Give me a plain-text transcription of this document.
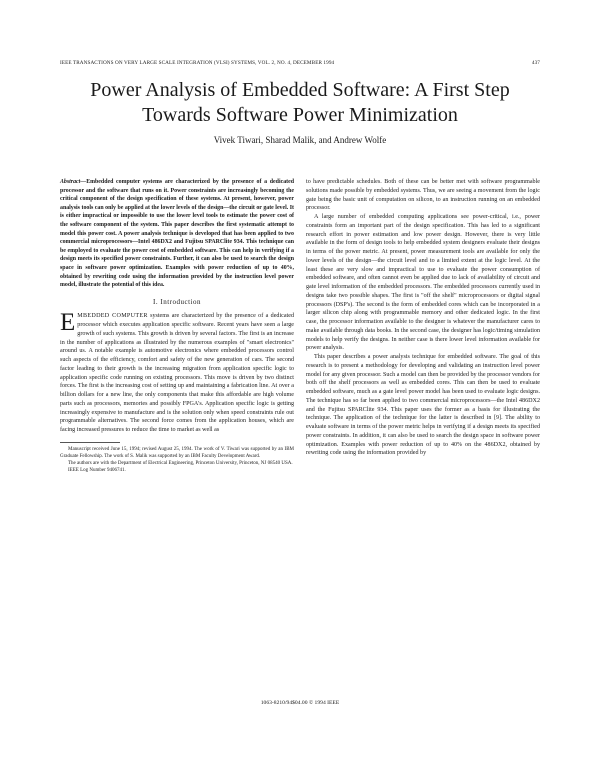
IEEE TRANSACTIONS ON VERY LARGE SCALE INTEGRATION (VLSI) SYSTEMS, VOL. 2, NO. 4, DECEMBER 1994	437
Power Analysis of Embedded Software: A First Step Towards Software Power Minimization
Vivek Tiwari, Sharad Malik, and Andrew Wolfe

Abstract—Embedded computer systems are characterized by the presence of a dedicated processor and the software that runs on it. Power constraints are increasingly becoming the critical component of the design specification of these systems. At present, however, power analysis tools can only be applied at the lower levels of the design—the circuit or gate level. It is either impractical or impossible to use the lower level tools to estimate the power cost of the software component of the system. This paper describes the first systematic attempt to model this power cost. A power analysis technique is developed that has been applied to two commercial microprocessors—Intel 486DX2 and Fujitsu SPARClite 934. This technique can be employed to evaluate the power cost of embedded software. This can help in verifying if a design meets its specified power constraints. Further, it can also be used to search the design space in software power optimization. Examples with power reduction of up to 40%, obtained by rewriting code using the information provided by the instruction level power model, illustrate the potential of this idea.

I. Introduction

EMBEDDED COMPUTER systems are characterized by the presence of a dedicated processor which executes application specific software. Recent years have seen a large growth of such systems. This growth is driven by several factors. The first is an increase in the number of applications as illustrated by the numerous examples of "smart electronics" around us. A notable example is automotive electronics where embedded processors control such aspects of the efficiency, comfort and safety of the new generation of cars. The second factor leading to their growth is the increasing migration from application specific logic to application specific code running on existing processors. This move is driven by two distinct forces. The first is the increasing cost of setting up and maintaining a fabrication line. At over a billion dollars for a new line, the only components that make this affordable are high volume parts such as processors, memories and possibly FPGA's. Application specific logic is getting increasingly expensive to manufacture and is the solution only when speed constraints rule out programmable alternatives. The second force comes from the application houses, which are facing increased pressures to reduce the time to market as well as

Manuscript received June 15, 1994; revised August 25, 1994. The work of V. Tiwari was supported by an IBM Graduate Fellowship. The work of S. Malik was supported by an IBM Faculty Development Award.

The authors are with the Department of Electrical Engineering, Princeton University, Princeton, NJ 08540 USA.

IEEE Log Number 9406741.

to have predictable schedules. Both of these can be better met with software programmable solutions made possible by embedded systems. Thus, we are seeing a movement from the logic gate being the basic unit of computation on silicon, to an instruction running on an embedded processor.

A large number of embedded computing applications see power-critical, i.e., power constraints form an important part of the design specification. This has led to a significant research effort in power estimation and low power design. However, there is very little available in the form of design tools to help embedded system designers evaluate their designs in terms of the power metric. At present, power measurement tools are available for only the lower levels of the design—the circuit level and to a limited extent at the logic level. At the least these are very slow and impractical to use to evaluate the power consumption of embedded software, and often cannot even be applied due to lack of availability of circuit and gate level information of the embedded processors. The embedded processors currently used in designs take two possible shapes. The first is "off the shelf" microprocessors or digital signal processors (DSP's). The second is the form of embedded cores which can be incorporated in a larger silicon chip along with programmable memory and other dedicated logic. In the first case, the processor information available to the designer is whatever the manufacturer cares to make available through data books. In the second case, the designer has logic/timing simulation models to help verify the designs. In neither case is there lower level information available for power analysis.

This paper describes a power analysis technique for embedded software. The goal of this research is to present a methodology for developing and validating an instruction level power model for any given processor. Such a model can then be provided by the processor vendors for both off the shelf processors as well as embedded cores. This can then be used to evaluate embedded software, much as a gate level power model has been used to evaluate logic designs. The technique has so far been applied to two commercial microprocessors—the Intel 486DX2 and the Fujitsu SPARClite 934. This paper uses the former as a basis for illustrating the technique. The application of the technique for the latter is described in [9]. The ability to evaluate software in terms of the power metric helps in verifying if a design meets its specified power constraints. In addition, it can also be used to search the design space in software power optimization. Examples with power reduction of up to 40% on the 486DX2, obtained by rewriting code using the information provided by

1063-8210/94$04.00 © 1994 IEEE
